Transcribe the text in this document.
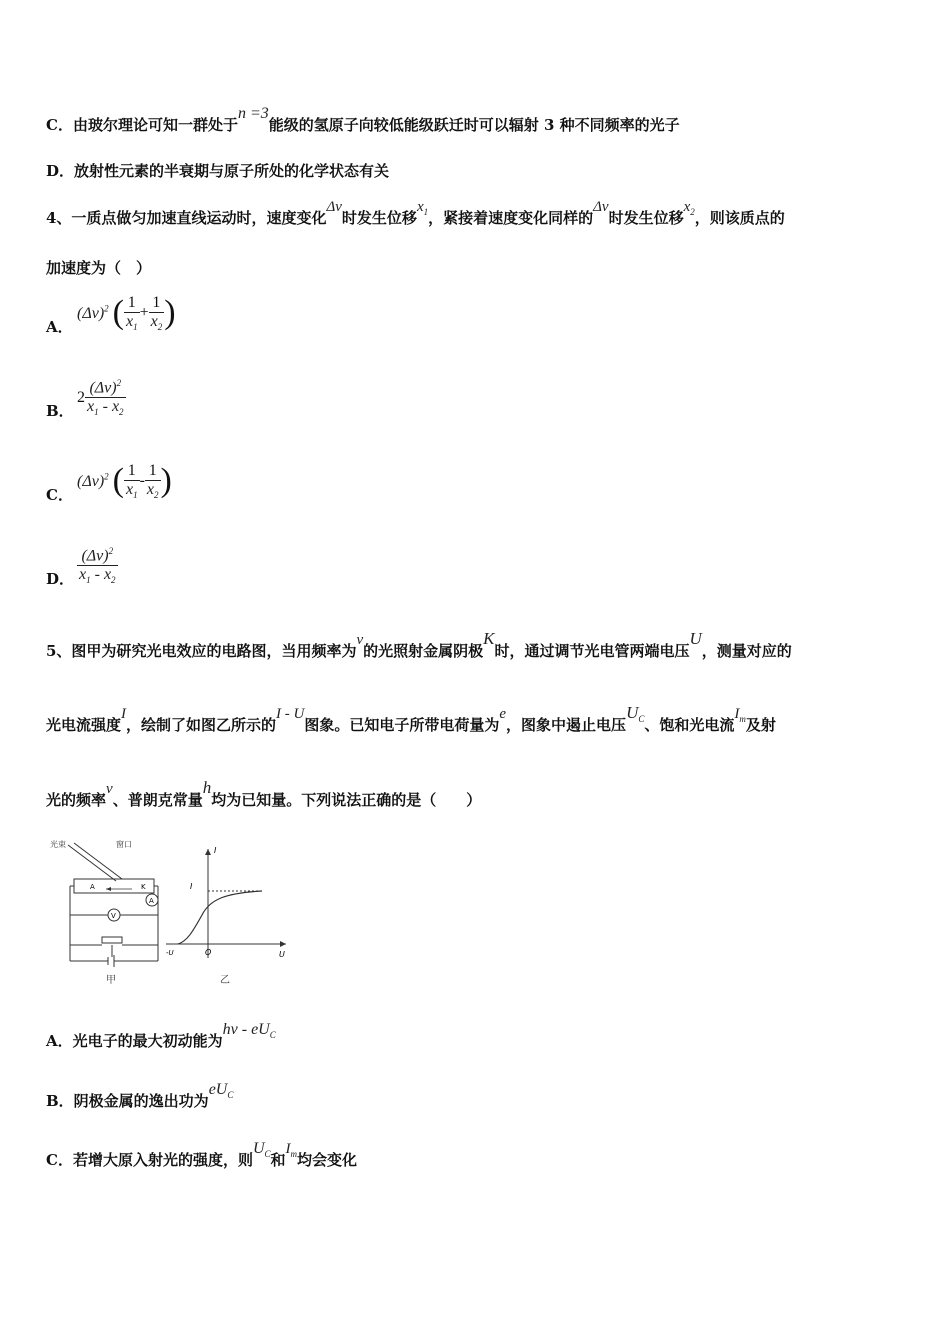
C．由玻尔理论可知一群处于n =3能级的氢原子向较低能级跃迁时可以辐射 3 种不同频率的光子
D．放射性元素的半衰期与原子所处的化学状态有关
4、一质点做匀加速直线运动时，速度变化Δv时发生位移$x_1$，紧接着速度变化同样的Δv时发生位移$x_2$，则该质点的
加速度为（　）
A．
$(\Delta v)^2$ ( $\frac{1}{x_1} + \frac{1}{x_2}$ )
B．
$2 \frac{(\Delta v)^2}{x_1 - x_2}$
C．
$(\Delta v)^2$ ( $\frac{1}{x_1} - \frac{1}{x_2}$ )
D． $\frac{(\Delta v)^2}{x_1 - x_2}$
5、图甲为研究光电效应的电路图，当用频率为v的光照射金属阴极K时，通过调节光电管两端电压U，测量对应的
光电流强度I，绘制了如图乙所示的I - U图象。已知电子所带电荷量为e，图象中遏止电压$U_C$、饱和光电流$I_m$及射
光的频率v、普朗克常量h均为已知量。下列说法正确的是（　　）
光束	窗口
A	K
V
A
甲
I
I
-U	O	U
乙
A．光电子的最大初动能为hv - $eU_C$
B．阴极金属的逸出功为$eU_C$
C．若增大原入射光的强度，则$U_C$和$I_m$均会变化
